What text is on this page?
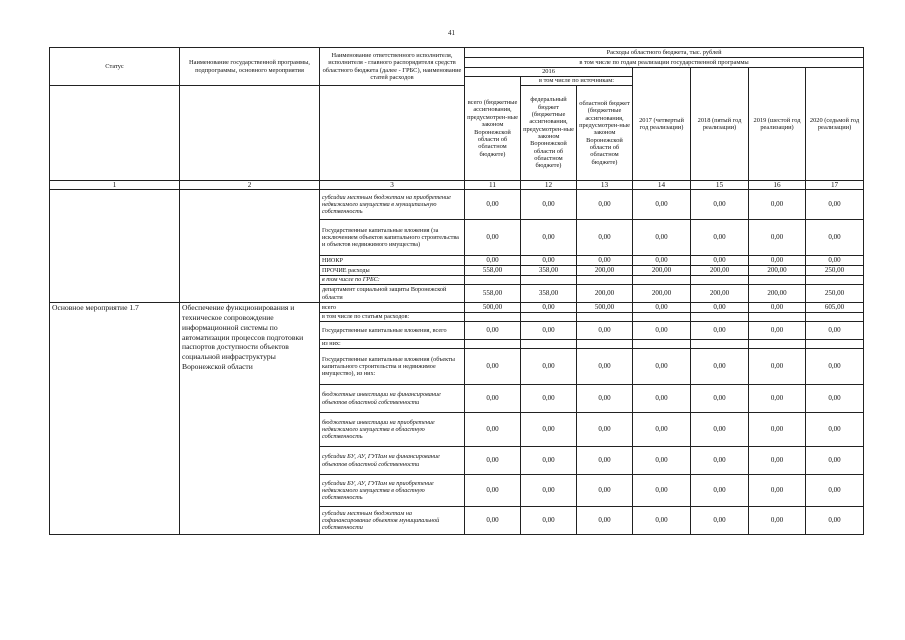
41
Статус	Наименование государственной программы, подпрограммы, основного мероприятия	Наименование ответственного исполнителя, исполнителя - главного распорядителя средств областного бюджета (далее - ГРБС), наименование статей расходов	Расходы областного бюджета, тыс. рублей						
			в том числе по годам реализации государственной программы						
			2016			2017 (четвертый год реализации)	2018 (пятый год реализации)	2019 (шестой год реализации)	2020 (седьмой год реализации)
			всего (бюджетные ассигнования, предусмотрен-ные законом Воронежской области об областном бюджете)	в том числе по источникам:					
				федеральный бюджет (бюджетные ассигнования, предусмотрен-ные законом Воронежской области об областном бюджете)	областной бюджет (бюджетные ассигнования, предусмотрен-ные законом Воронежской области об областном бюджете)				
1	2	3	11	12	13	14	15	16	17
		субсидии местным бюджетам на приобретение недвижимого имущества в муниципальную собственность	0,00	0,00	0,00	0,00	0,00	0,00	0,00
		Государственные капитальные вложения (за исключением объектов капитального строительства и объектов недвижимого имущества)	0,00	0,00	0,00	0,00	0,00	0,00	0,00
		НИОКР	0,00	0,00	0,00	0,00	0,00	0,00	0,00
		ПРОЧИЕ расходы	558,00	358,00	200,00	200,00	200,00	200,00	250,00
		в том числе по ГРБС:							
		департамент социальной защиты Воронежской области	558,00	358,00	200,00	200,00	200,00	200,00	250,00
Основное мероприятие 1.7	Обеспечение функционирования и техническое сопровождение информационной системы по автоматизации процессов подготовки паспортов доступности объектов социальной инфраструктуры Воронежской области	всего	500,00	0,00	500,00	0,00	0,00	0,00	605,00
		в том числе по статьям расходов:							
		Государственные капитальные вложения, всего	0,00	0,00	0,00	0,00	0,00	0,00	0,00
		из них:							
		Государственные капитальные вложения (объекты капитального строительства и недвижимое имущество), из них:	0,00	0,00	0,00	0,00	0,00	0,00	0,00
		бюджетные инвестиции на финансирование объектов областной собственности	0,00	0,00	0,00	0,00	0,00	0,00	0,00
		бюджетные инвестиции на приобретение недвижимого имущества в областную собственность	0,00	0,00	0,00	0,00	0,00	0,00	0,00
		субсидии БУ, АУ, ГУПам на финансирование объектов областной собственности	0,00	0,00	0,00	0,00	0,00	0,00	0,00
		субсидии БУ, АУ, ГУПам на приобретение недвижимого имущества в областную собственность	0,00	0,00	0,00	0,00	0,00	0,00	0,00
		субсидии местным бюджетам на софинансирование объектов муниципальной собственности	0,00	0,00	0,00	0,00	0,00	0,00	0,00
